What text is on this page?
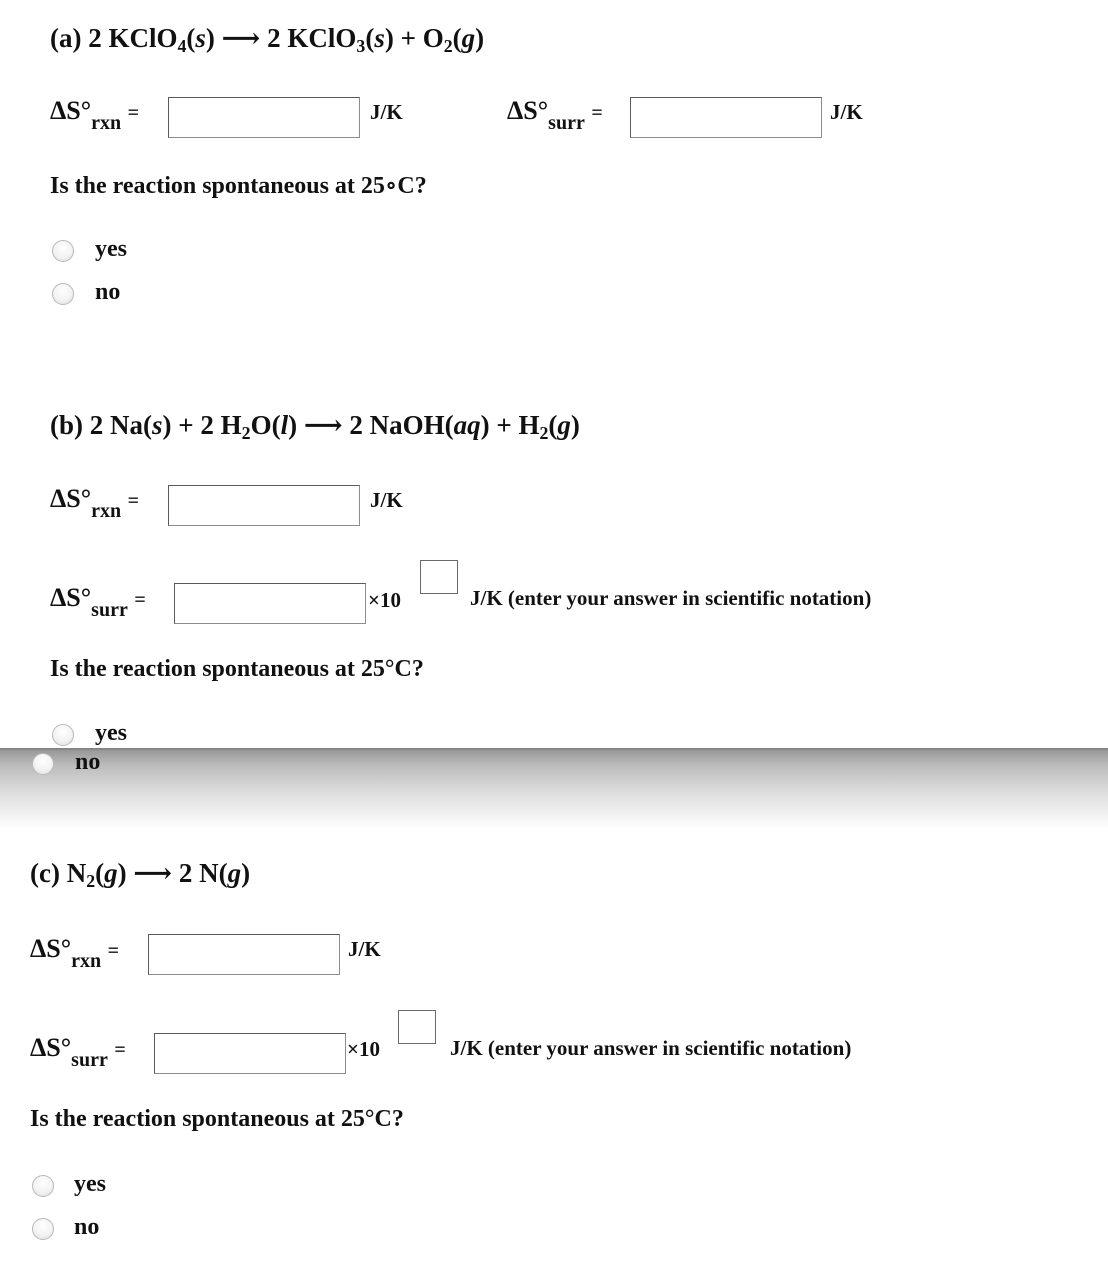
(a) 2 KClO$_4$(s) ⟶ 2 KClO$_3$(s) + $O_2(g)$
$\Delta S^\circ_{rxn}$ =	J/K	$\Delta S^\circ_{surr}$ =	J/K
Is the reaction spontaneous at 25∘C?
yes
no
(b) 2 Na(s) + 2 $H_2O(l)$ ⟶ 2 NaOH(aq) + $H_2(g)$
$\Delta S^\circ_{rxn}$ =	J/K
$\Delta S^\circ_{surr}$ =	×10	J/K (enter your answer in scientific notation)
Is the reaction spontaneous at 25°C?
yes
no
(c) $N_2(g)$ ⟶ 2 N(g)
$\Delta S^\circ_{rxn}$ =	J/K
$\Delta S^\circ_{surr}$ =	×10	J/K (enter your answer in scientific notation)
Is the reaction spontaneous at 25°C?
yes
no
